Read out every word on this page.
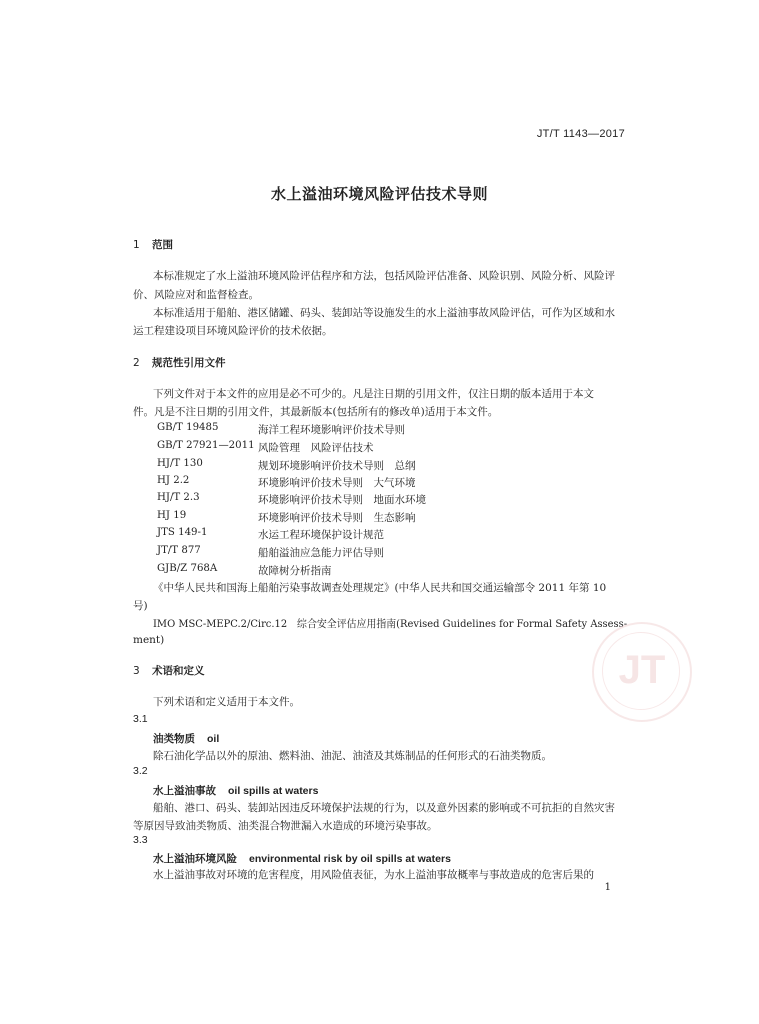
JT/T 1143—2017
水上溢油环境风险评估技术导则
1 范围
本标准规定了水上溢油环境风险评估程序和方法，包括风险评估准备、风险识别、风险分析、风险评
价、风险应对和监督检查。
本标准适用于船舶、港区储罐、码头、装卸站等设施发生的水上溢油事故风险评估，可作为区域和水
运工程建设项目环境风险评价的技术依据。
2 规范性引用文件
下列文件对于本文件的应用是必不可少的。凡是注日期的引用文件，仅注日期的版本适用于本文
件。凡是不注日期的引用文件，其最新版本(包括所有的修改单)适用于本文件。
GB/T 19485	海洋工程环境影响评价技术导则
GB/T 27921—2011 风险管理　风险评估技术
HJ/T 130	规划环境影响评价技术导则　总纲
HJ 2.2	环境影响评价技术导则　大气环境
HJ/T 2.3	环境影响评价技术导则　地面水环境
HJ 19	环境影响评价技术导则　生态影响
JTS 149-1	水运工程环境保护设计规范
JT/T 877	船舶溢油应急能力评估导则
GJB/Z 768A	故障树分析指南
《中华人民共和国海上船舶污染事故调查处理规定》(中华人民共和国交通运输部令 2011 年第 10
号)
IMO MSC-MEPC.2/Circ.12　综合安全评估应用指南(Revised Guidelines for Formal Safety Assess-
ment)
JT
3 术语和定义
下列术语和定义适用于本文件。
3.1
油类物质 oil
除石油化学品以外的原油、燃料油、油泥、油渣及其炼制品的任何形式的石油类物质。
3.2
水上溢油事故 oil spills at waters
船舶、港口、码头、装卸站因违反环境保护法规的行为，以及意外因素的影响或不可抗拒的自然灾害
等原因导致油类物质、油类混合物泄漏入水造成的环境污染事故。
3.3
水上溢油环境风险 environmental risk by oil spills at waters
水上溢油事故对环境的危害程度，用风险值表征，为水上溢油事故概率与事故造成的危害后果的
1
